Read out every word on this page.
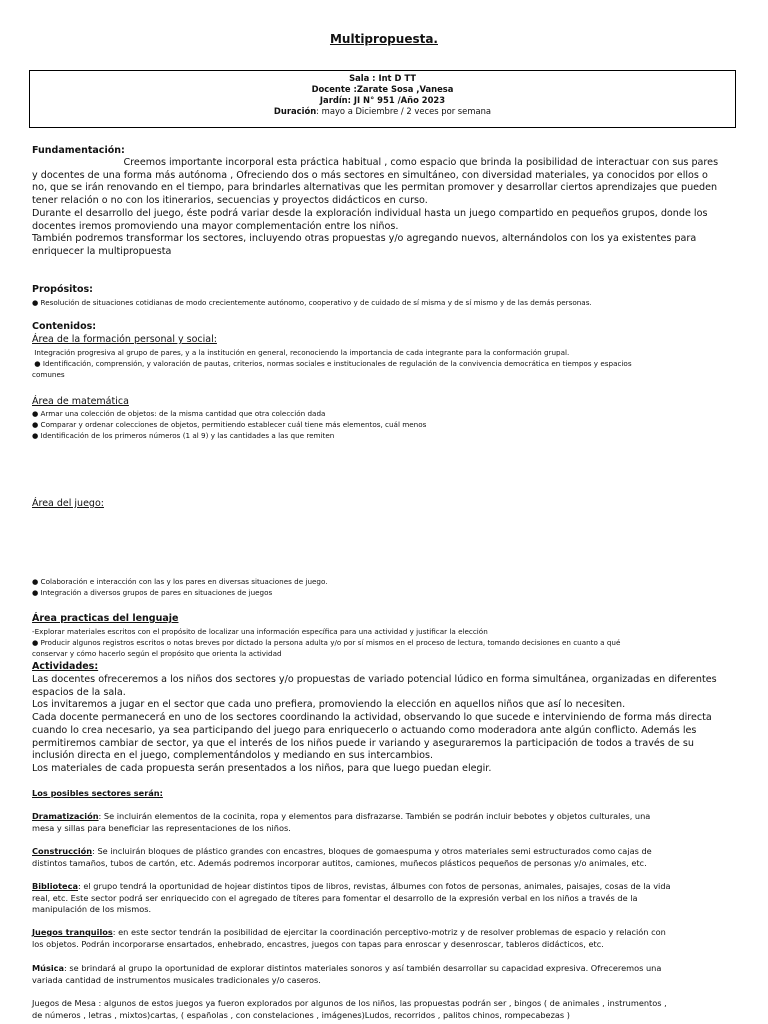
Multipropuesta.
Sala : Int D TT
Docente :Zarate Sosa ,Vanesa
Jardín: JI N° 951 /Año 2023
Duración: mayo a Diciembre / 2 veces por semana
Fundamentación:

Creemos importante incorporal esta práctica habitual , como espacio que brinda la posibilidad de interactuar con sus pares

y docentes de una forma más autónoma , Ofreciendo dos o más sectores en simultáneo, con diversidad materiales, ya conocidos por ellos o

no, que se irán renovando en el tiempo, para brindarles alternativas que les permitan promover y desarrollar ciertos aprendizajes que pueden

tener relación o no con los itinerarios, secuencias y proyectos didácticos en curso.

Durante el desarrollo del juego, éste podrá variar desde la exploración individual hasta un juego compartido en pequeños grupos, donde los

docentes iremos promoviendo una mayor complementación entre los niños.

También podremos transformar los sectores, incluyendo otras propuestas y/o agregando nuevos, alternándolos con los ya existentes para

enriquecer la multipropuesta

Propósitos:

● Resolución de situaciones cotidianas de modo crecientemente autónomo, cooperativo y de cuidado de sí misma y de sí mismo y de las demás personas.

Contenidos:
Área de la formación personal y social:

Integración progresiva al grupo de pares, y a la institución en general, reconociendo la importancia de cada integrante para la conformación grupal.

● Identificación, comprensión, y valoración de pautas, criterios, normas sociales e institucionales de regulación de la convivencia democrática en tiempos y espacios

comunes

Área de matemática

● Armar una colección de objetos: de la misma cantidad que otra colección dada

● Comparar y ordenar colecciones de objetos, permitiendo establecer cuál tiene más elementos, cuál menos

● Identificación de los primeros números (1 al 9) y las cantidades a las que remiten

Área del juego:

● Colaboración e interacción con las y los pares en diversas situaciones de juego.

● Integración a diversos grupos de pares en situaciones de juegos

Área practicas del lenguaje

-Explorar materiales escritos con el propósito de localizar una información específica para una actividad y justificar la elección

● Producir algunos registros escritos o notas breves por dictado la persona adulta y/o por sí mismos en el proceso de lectura, tomando decisiones en cuanto a qué

conservar y cómo hacerlo según el propósito que orienta la actividad

Actividades:

Las docentes ofreceremos a los niños dos sectores y/o propuestas de variado potencial lúdico en forma simultánea, organizadas en diferentes

espacios de la sala.

Los invitaremos a jugar en el sector que cada uno prefiera, promoviendo la elección en aquellos niños que así lo necesiten.

Cada docente permanecerá en uno de los sectores coordinando la actividad, observando lo que sucede e interviniendo de forma más directa

cuando lo crea necesario, ya sea participando del juego para enriquecerlo o actuando como moderadora ante algún conflicto. Además les

permitiremos cambiar de sector, ya que el interés de los niños puede ir variando y aseguraremos la participación de todos a través de su

inclusión directa en el juego, complementándolos y mediando en sus intercambios.

Los materiales de cada propuesta serán presentados a los niños, para que luego puedan elegir.

Los posibles sectores serán:

Dramatización: Se incluirán elementos de la cocinita, ropa y elementos para disfrazarse. También se podrán incluir bebotes y objetos culturales, una

mesa y sillas para beneficiar las representaciones de los niños.

Construcción: Se incluirán bloques de plástico grandes con encastres, bloques de gomaespuma y otros materiales semi estructurados como cajas de

distintos tamaños, tubos de cartón, etc. Además podremos incorporar autitos, camiones, muñecos plásticos pequeños de personas y/o animales, etc.

Biblioteca: el grupo tendrá la oportunidad de hojear distintos tipos de libros, revistas, álbumes con fotos de personas, animales, paisajes, cosas de la vida

real, etc. Este sector podrá ser enriquecido con el agregado de títeres para fomentar el desarrollo de la expresión verbal en los niños a través de la

manipulación de los mismos.

Juegos tranquilos: en este sector tendrán la posibilidad de ejercitar la coordinación perceptivo-motriz y de resolver problemas de espacio y relación con

los objetos. Podrán incorporarse ensartados, enhebrado, encastres, juegos con tapas para enroscar y desenroscar, tableros didácticos, etc.

Música: se brindará al grupo la oportunidad de explorar distintos materiales sonoros y así también desarrollar su capacidad expresiva. Ofreceremos una

variada cantidad de instrumentos musicales tradicionales y/o caseros.

Juegos de Mesa : algunos de estos juegos ya fueron explorados por algunos de los niños, las propuestas podrán ser , bingos ( de animales , instrumentos ,

de números , letras , mixtos)cartas, ( españolas , con constelaciones , imágenes)Ludos, recorridos , palitos chinos, rompecabezas )
